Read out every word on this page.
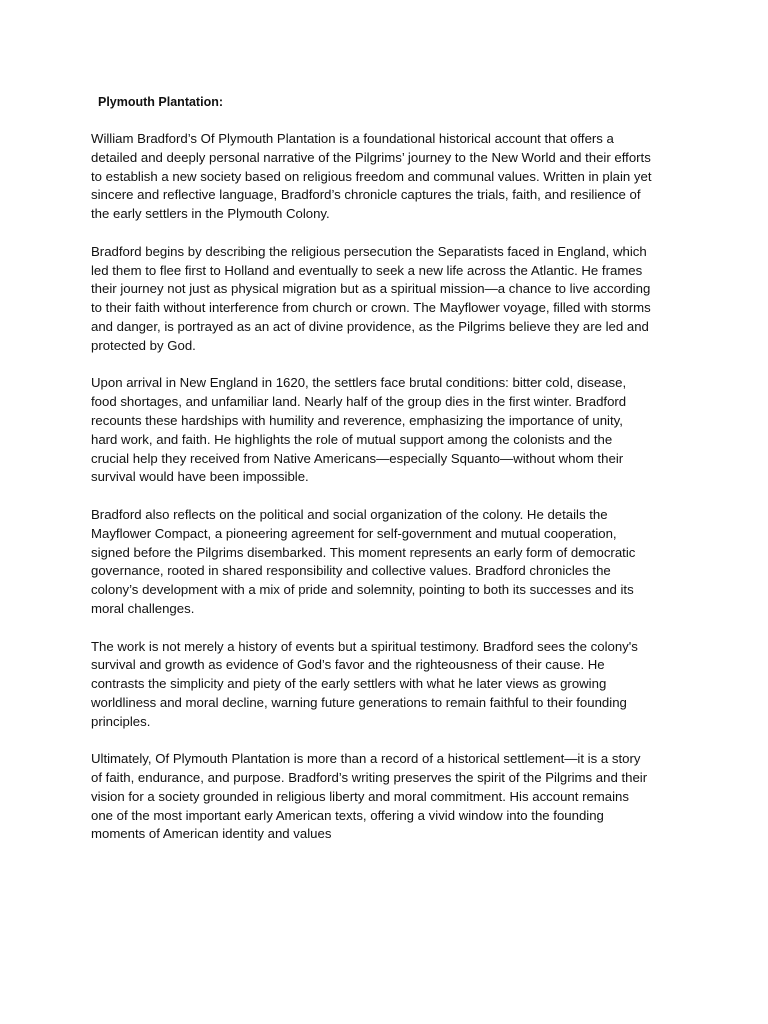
Plymouth Plantation:

William Bradford’s Of Plymouth Plantation is a foundational historical account that offers a
detailed and deeply personal narrative of the Pilgrims’ journey to the New World and their efforts
to establish a new society based on religious freedom and communal values. Written in plain yet
sincere and reflective language, Bradford’s chronicle captures the trials, faith, and resilience of
the early settlers in the Plymouth Colony.

Bradford begins by describing the religious persecution the Separatists faced in England, which
led them to flee first to Holland and eventually to seek a new life across the Atlantic. He frames
their journey not just as physical migration but as a spiritual mission—a chance to live according
to their faith without interference from church or crown. The Mayflower voyage, filled with storms
and danger, is portrayed as an act of divine providence, as the Pilgrims believe they are led and
protected by God.

Upon arrival in New England in 1620, the settlers face brutal conditions: bitter cold, disease,
food shortages, and unfamiliar land. Nearly half of the group dies in the first winter. Bradford
recounts these hardships with humility and reverence, emphasizing the importance of unity,
hard work, and faith. He highlights the role of mutual support among the colonists and the
crucial help they received from Native Americans—especially Squanto—without whom their
survival would have been impossible.

Bradford also reflects on the political and social organization of the colony. He details the
Mayflower Compact, a pioneering agreement for self-government and mutual cooperation,
signed before the Pilgrims disembarked. This moment represents an early form of democratic
governance, rooted in shared responsibility and collective values. Bradford chronicles the
colony’s development with a mix of pride and solemnity, pointing to both its successes and its
moral challenges.

The work is not merely a history of events but a spiritual testimony. Bradford sees the colony's
survival and growth as evidence of God’s favor and the righteousness of their cause. He
contrasts the simplicity and piety of the early settlers with what he later views as growing
worldliness and moral decline, warning future generations to remain faithful to their founding
principles.

Ultimately, Of Plymouth Plantation is more than a record of a historical settlement—it is a story
of faith, endurance, and purpose. Bradford’s writing preserves the spirit of the Pilgrims and their
vision for a society grounded in religious liberty and moral commitment. His account remains
one of the most important early American texts, offering a vivid window into the founding
moments of American identity and values
